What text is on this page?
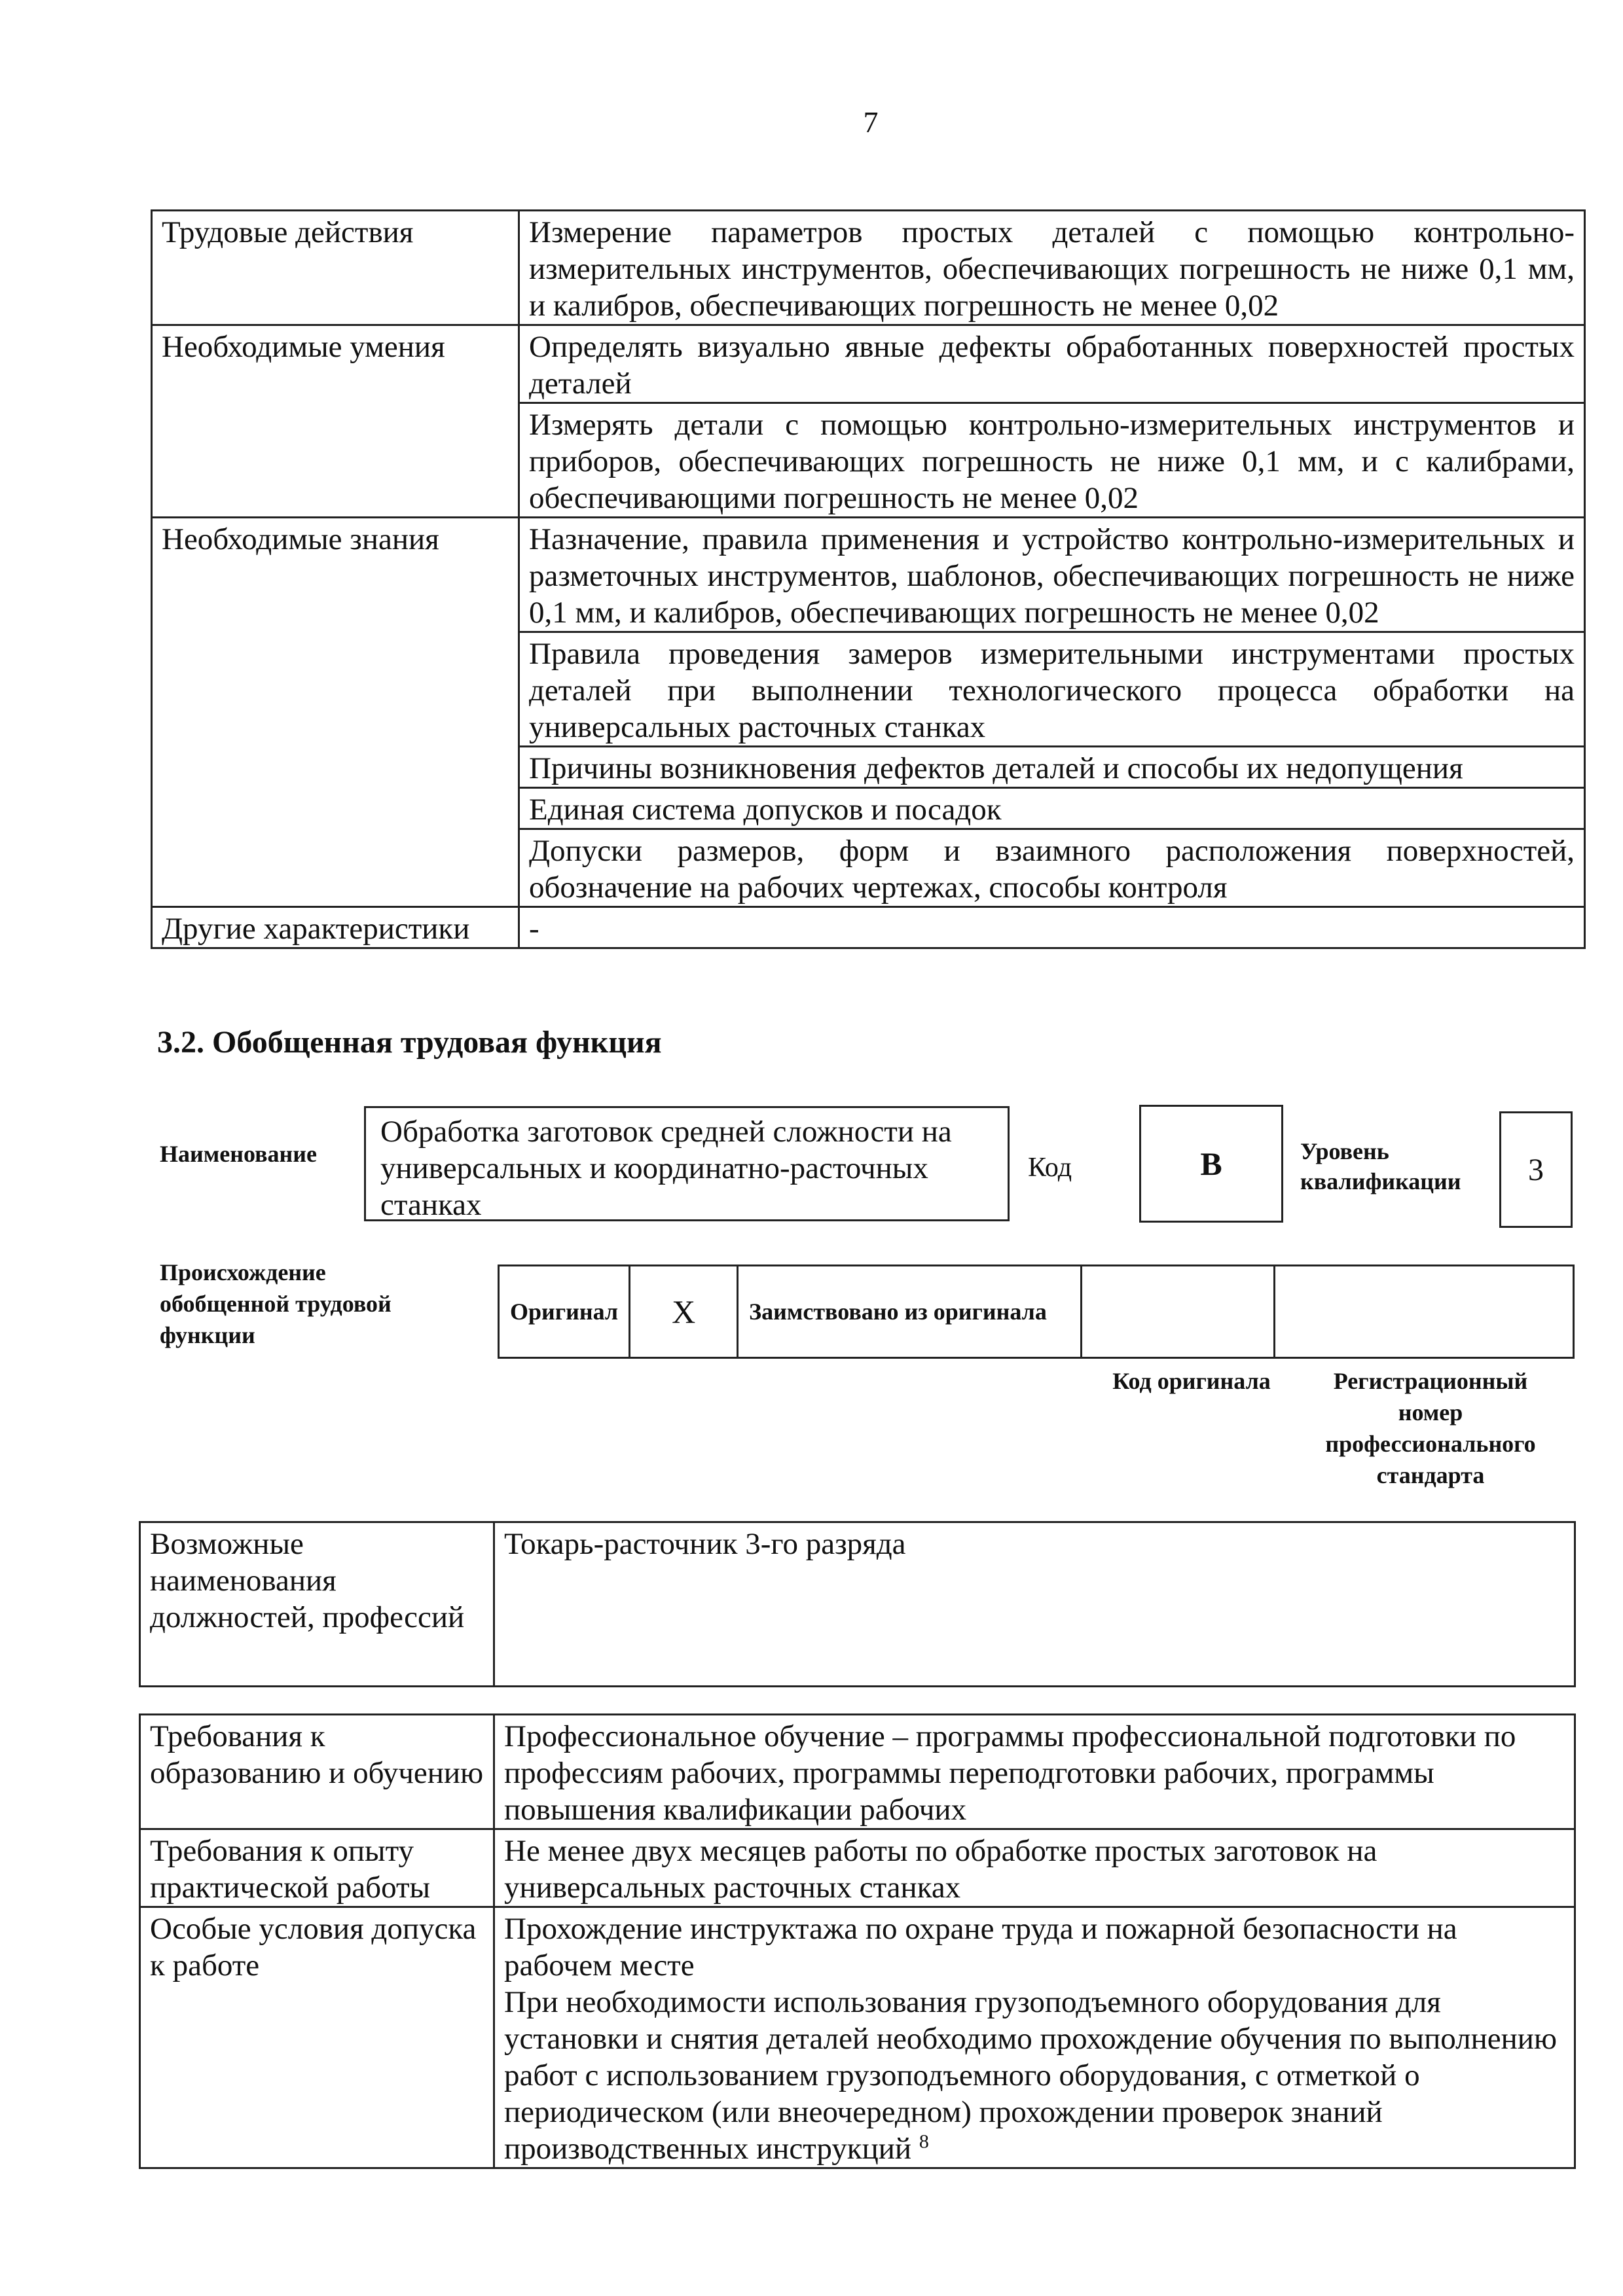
7
Трудовые действия	Измерение параметров простых деталей с помощью контрольно-измерительных инструментов, обеспечивающих погрешность не ниже 0,1 мм, и калибров, обеспечивающих погрешность не менее 0,02
Необходимые умения	Определять визуально явные дефекты обработанных поверхностей простых деталей
	Измерять детали с помощью контрольно-измерительных инструментов и приборов, обеспечивающих погрешность не ниже 0,1 мм, и с калибрами, обеспечивающими погрешность не менее 0,02
Необходимые знания	Назначение, правила применения и устройство контрольно-измерительных и разметочных инструментов, шаблонов, обеспечивающих погрешность не ниже 0,1 мм, и калибров, обеспечивающих погрешность не менее 0,02
	Правила проведения замеров измерительными инструментами простых деталей при выполнении технологического процесса обработки на универсальных расточных станках
	Причины возникновения дефектов деталей и способы их недопущения
	Единая система допусков и посадок
	Допуски размеров, форм и взаимного расположения поверхностей, обозначение на рабочих чертежах, способы контроля
Другие характеристики	-
3.2. Обобщенная трудовая функция
Наименование
Обработка заготовок средней сложности на универсальных и координатно-расточных станках
Код	B	Уровень квалификации	3
Происхождение обобщенной трудовой функции
Оригинал	X	Заимствовано из оригинала		
Код оригинала	Регистрационный номер профессионального стандарта
Возможные наименования должностей, профессий	Токарь-расточник 3-го разряда
Требования к образованию и обучению	Профессиональное обучение – программы профессиональной подготовки по профессиям рабочих, программы переподготовки рабочих, программы повышения квалификации рабочих
Требования к опыту практической работы	Не менее двух месяцев работы по обработке простых заготовок на универсальных расточных станках
Особые условия допуска к работе	Прохождение инструктажа по охране труда и пожарной безопасности на рабочем месте
При необходимости использования грузоподъемного оборудования для установки и снятия деталей необходимо прохождение обучения по выполнению работ с использованием грузоподъемного оборудования, с отметкой о периодическом (или внеочередном) прохождении проверок знаний производственных инструкций $^8$
